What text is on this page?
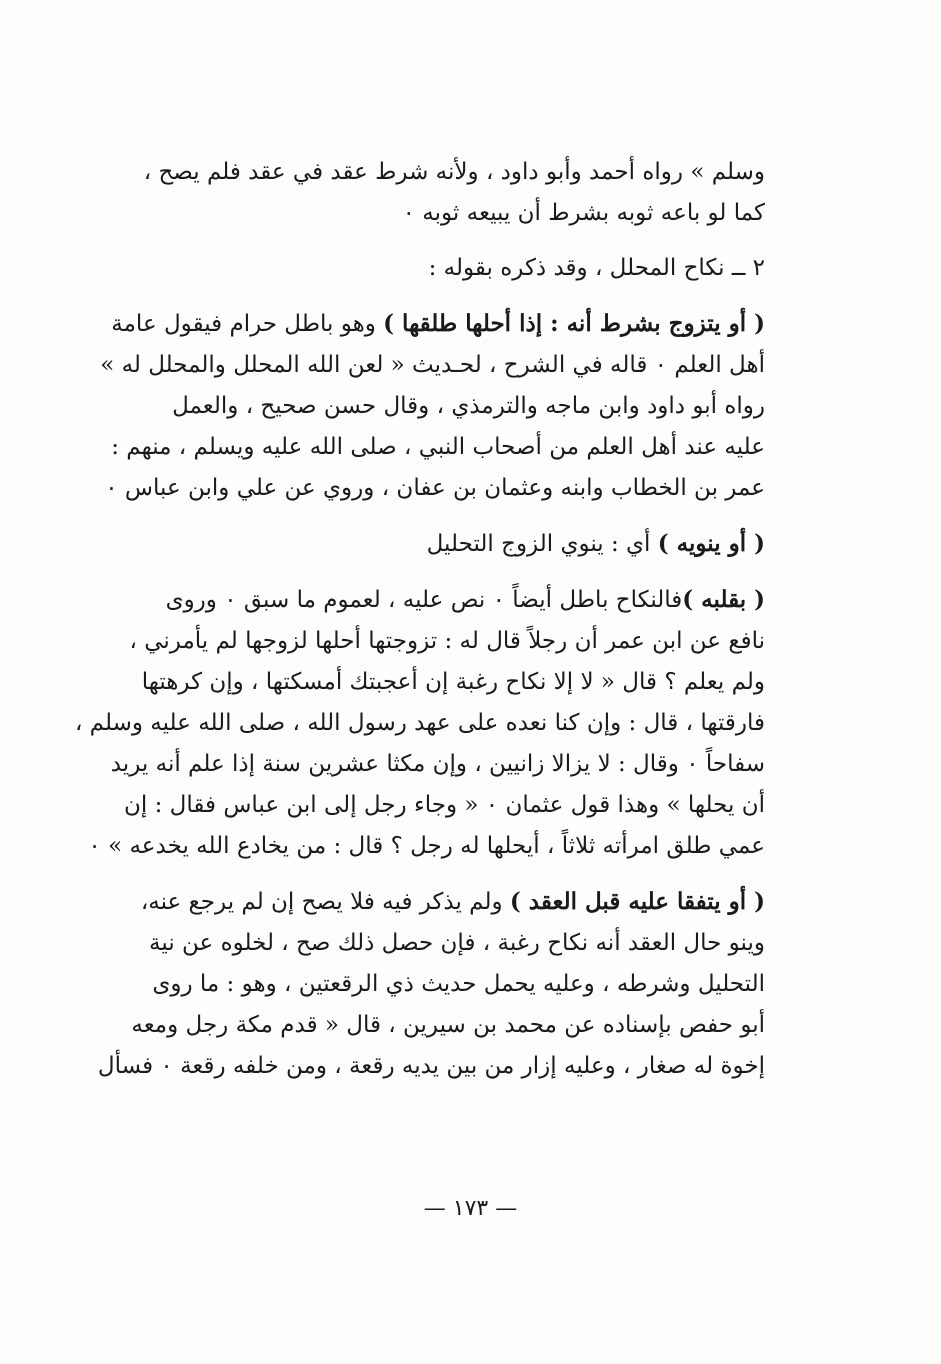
وسلم » رواه أحمد وأبو داود ، ولأنه شرط عقد في عقد فلم يصح ،
كما لو باعه ثوبه بشرط أن يبيعه ثوبه ٠
٢ ــ نكاح المحلل ، وقد ذكره بقوله :
( أو يتزوج بشرط أنه : إذا أحلها طلقها ) وهو باطل حرام فيقول عامة
أهل العلم ٠ قاله في الشرح ، لحـديث « لعن الله المحلل والمحلل له »
رواه أبو داود وابن ماجه والترمذي ، وقال حسن صحيح ، والعمل
عليه عند أهل العلم من أصحاب النبي ، صلى الله عليه ويسلم ، منهم :
عمر بن الخطاب وابنه وعثمان بن عفان ، وروي عن علي وابن عباس ٠
( أو ينويه ) أي : ينوي الزوج التحليل
( بقلبه )فالنكاح باطل أيضاً ٠ نص عليه ، لعموم ما سبق ٠ وروى
نافع عن ابن عمر أن رجلاً قال له : تزوجتها أحلها لزوجها لم يأمرني ،
ولم يعلم ؟ قال « لا إلا نكاح رغبة إن أعجبتك أمسكتها ، وإن كرهتها
فارقتها ، قال : وإن كنا نعده على عهد رسول الله ، صلى الله عليه وسلم ،
سفاحاً ٠ وقال : لا يزالا زانيين ، وإن مكثا عشرين سنة إذا علم أنه يريد
أن يحلها » وهذا قول عثمان ٠ « وجاء رجل إلى ابن عباس فقال : إن
عمي طلق امرأته ثلاثاً ، أيحلها له رجل ؟ قال : من يخادع الله يخدعه » ٠
( أو يتفقا عليه قبل العقد ) ولم يذكر فيه فلا يصح إن لم يرجع عنه،
وينو حال العقد أنه نكاح رغبة ، فإن حصل ذلك صح ، لخلوه عن نية
التحليل وشرطه ، وعليه يحمل حديث ذي الرقعتين ، وهو : ما روى
أبو حفص بإسناده عن محمد بن سيرين ، قال « قدم مكة رجل ومعه
إخوة له صغار ، وعليه إزار من بين يديه رقعة ، ومن خلفه رقعة ٠ فسأل
— ١٧٣ —
